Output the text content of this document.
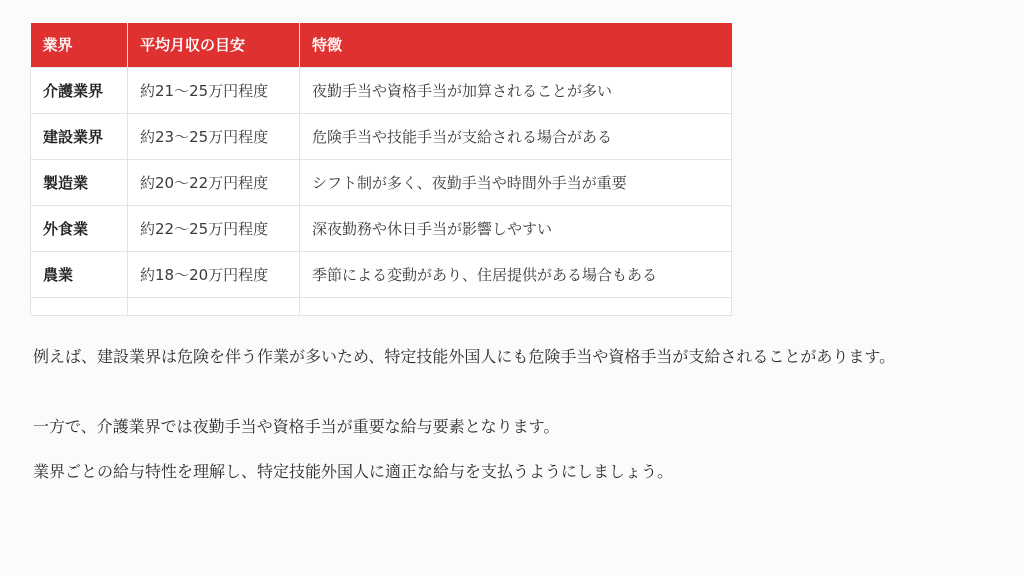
業界	平均月収の目安	特徴
介護業界	約21～25万円程度	夜勤手当や資格手当が加算されることが多い
建設業界	約23～25万円程度	危険手当や技能手当が支給される場合がある
製造業	約20～22万円程度	シフト制が多く、夜勤手当や時間外手当が重要
外食業	約22～25万円程度	深夜勤務や休日手当が影響しやすい
農業	約18～20万円程度	季節による変動があり、住居提供がある場合もある

例えば、建設業界は危険を伴う作業が多いため、特定技能外国人にも危険手当や資格手当が支給されることがあります。

一方で、介護業界では夜勤手当や資格手当が重要な給与要素となります。

業界ごとの給与特性を理解し、特定技能外国人に適正な給与を支払うようにしましょう。
